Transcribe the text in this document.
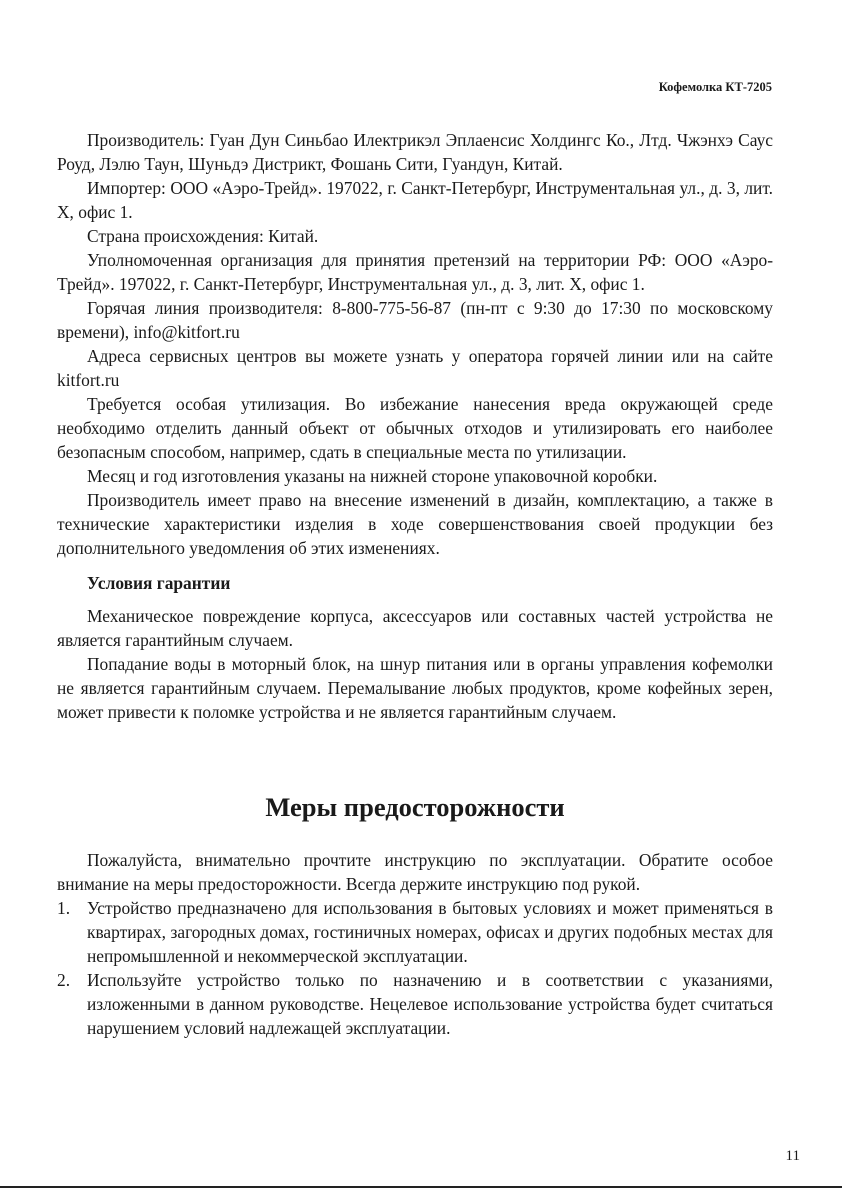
Кофемолка КТ-7205

Производитель: Гуан Дун Синьбао Илектрикэл Эплаенсис Холдингс Ко., Лтд. Чжэнхэ Саус Роуд, Лэлю Таун, Шуньдэ Дистрикт, Фошань Сити, Гуандун, Китай.

Импортер: ООО «Аэро-Трейд». 197022, г. Санкт-Петербург, Инструментальная ул., д. 3, лит. Х, офис 1.

Страна происхождения: Китай.

Уполномоченная организация для принятия претензий на территории РФ: ООО «Аэро-Трейд». 197022, г. Санкт-Петербург, Инструментальная ул., д. 3, лит. Х, офис 1.

Горячая линия производителя: 8-800-775-56-87 (пн-пт с 9:30 до 17:30 по московскому времени), info@kitfort.ru

Адреса сервисных центров вы можете узнать у оператора горячей линии или на сайте kitfort.ru

Требуется особая утилизация. Во избежание нанесения вреда окружающей среде необходимо отделить данный объект от обычных отходов и утилизировать его наиболее безопасным способом, например, сдать в специальные места по утилизации.

Месяц и год изготовления указаны на нижней стороне упаковочной коробки.

Производитель имеет право на внесение изменений в дизайн, комплектацию, а также в технические характеристики изделия в ходе совершенствования своей продукции без дополнительного уведомления об этих изменениях.

Условия гарантии

Механическое повреждение корпуса, аксессуаров или составных частей устройства не является гарантийным случаем.

Попадание воды в моторный блок, на шнур питания или в органы управления кофемолки не является гарантийным случаем. Перемалывание любых продуктов, кроме кофейных зерен, может привести к поломке устройства и не является гарантийным случаем.

Меры предосторожности

Пожалуйста, внимательно прочтите инструкцию по эксплуатации. Обратите особое внимание на меры предосторожности. Всегда держите инструкцию под рукой.

1. Устройство предназначено для использования в бытовых условиях и может применяться в квартирах, загородных домах, гостиничных номерах, офисах и других подобных местах для непромышленной и некоммерческой эксплуатации.
2. Используйте устройство только по назначению и в соответствии с указаниями, изложенными в данном руководстве. Нецелевое использование устройства будет считаться нарушением условий надлежащей эксплуатации.
11
